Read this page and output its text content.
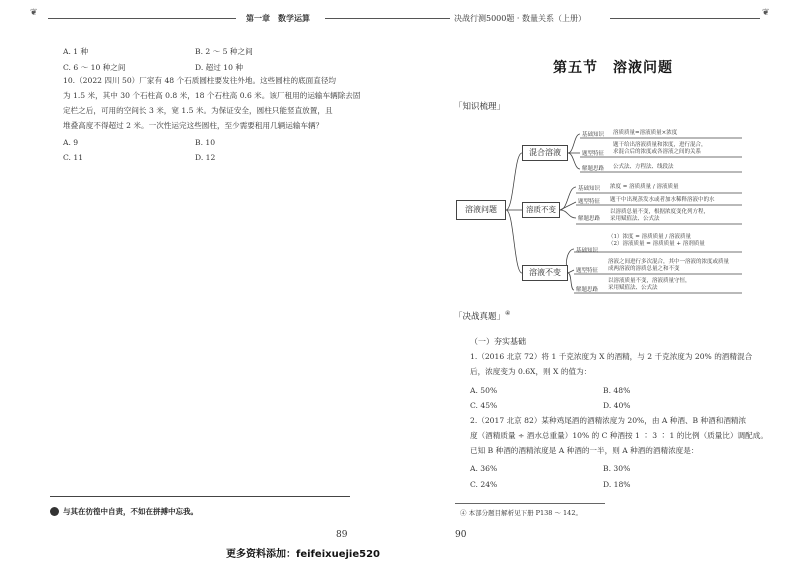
❦	第一章　数学运算	决战行测5000题 · 数量关系（上册）
❦
A. 1 种	B. 2 ～ 5 种之间
C. 6 ～ 10 种之间	D. 超过 10 种
10.（2022 四川 50）厂家有 48 个石质圆柱要发往外地。这些圆柱的底面直径均
为 1.5 米，其中 30 个石柱高 0.8 米，18 个石柱高 0.6 米。该厂租用的运输车辆除去固
定栏之后，可用的空间长 3 米，宽 1.5 米。为保证安全，圆柱只能竖直放置，且
堆叠高度不得超过 2 米。一次性运完这些圆柱，至少需要租用几辆运输车辆？
A. 9	B. 10
C. 11	D. 12
与其在彷徨中自责，不如在拼搏中忘我。
89
更多资料添加：feifeixuejie520
第五节　溶液问题
「知识梳理」
溶液问题
混合溶液
溶质不变
溶液不变
基础知识 溶质质量=溶液质量×浓度
题型特征
题干给出溶液质量和浓度，进行混合，
求混合后的浓度或各溶液之间的关系
解题思路 公式法、方程法、线段法
基础知识 浓度 = 溶质质量 / 溶液质量
题型特征 题干中出现蒸发水或者加水稀释溶液中的水
解题思路
以溶质总量不变，根据浓度变化列方程，
采用赋值法、公式法
基础知识
（1）浓度 = 溶质质量 / 溶液质量
（2）溶液质量 = 溶质质量 + 溶剂质量
题型特征
溶液之间进行多次混合，其中一溶液的浓度或质量
成两溶液的溶质总量之和不变
解题思路
以溶液质量不变，溶液质量守恒，
采用赋值法、公式法
「决战真题」④
（一）夯实基础
1.（2016 北京 72）将 1 千克浓度为 X 的酒精，与 2 千克浓度为 20% 的酒精混合
后，浓度变为 0.6X，则 X 的值为：
A. 50%	B. 48%
C. 45%	D. 40%
2.（2017 北京 82）某种鸡尾酒的酒精浓度为 20%，由 A 种酒、B 种酒和酒精浓
度（酒精质量 ÷ 酒水总重量）10% 的 C 种酒按 1 ∶ 3 ∶ 1 的比例（质量比）调配成。
已知 B 种酒的酒精浓度是 A 种酒的一半，则 A 种酒的酒精浓度是：
A. 36%	B. 30%
C. 24%	D. 18%
④ 本部分题目解析见下册 P138 ～ 142。
90
